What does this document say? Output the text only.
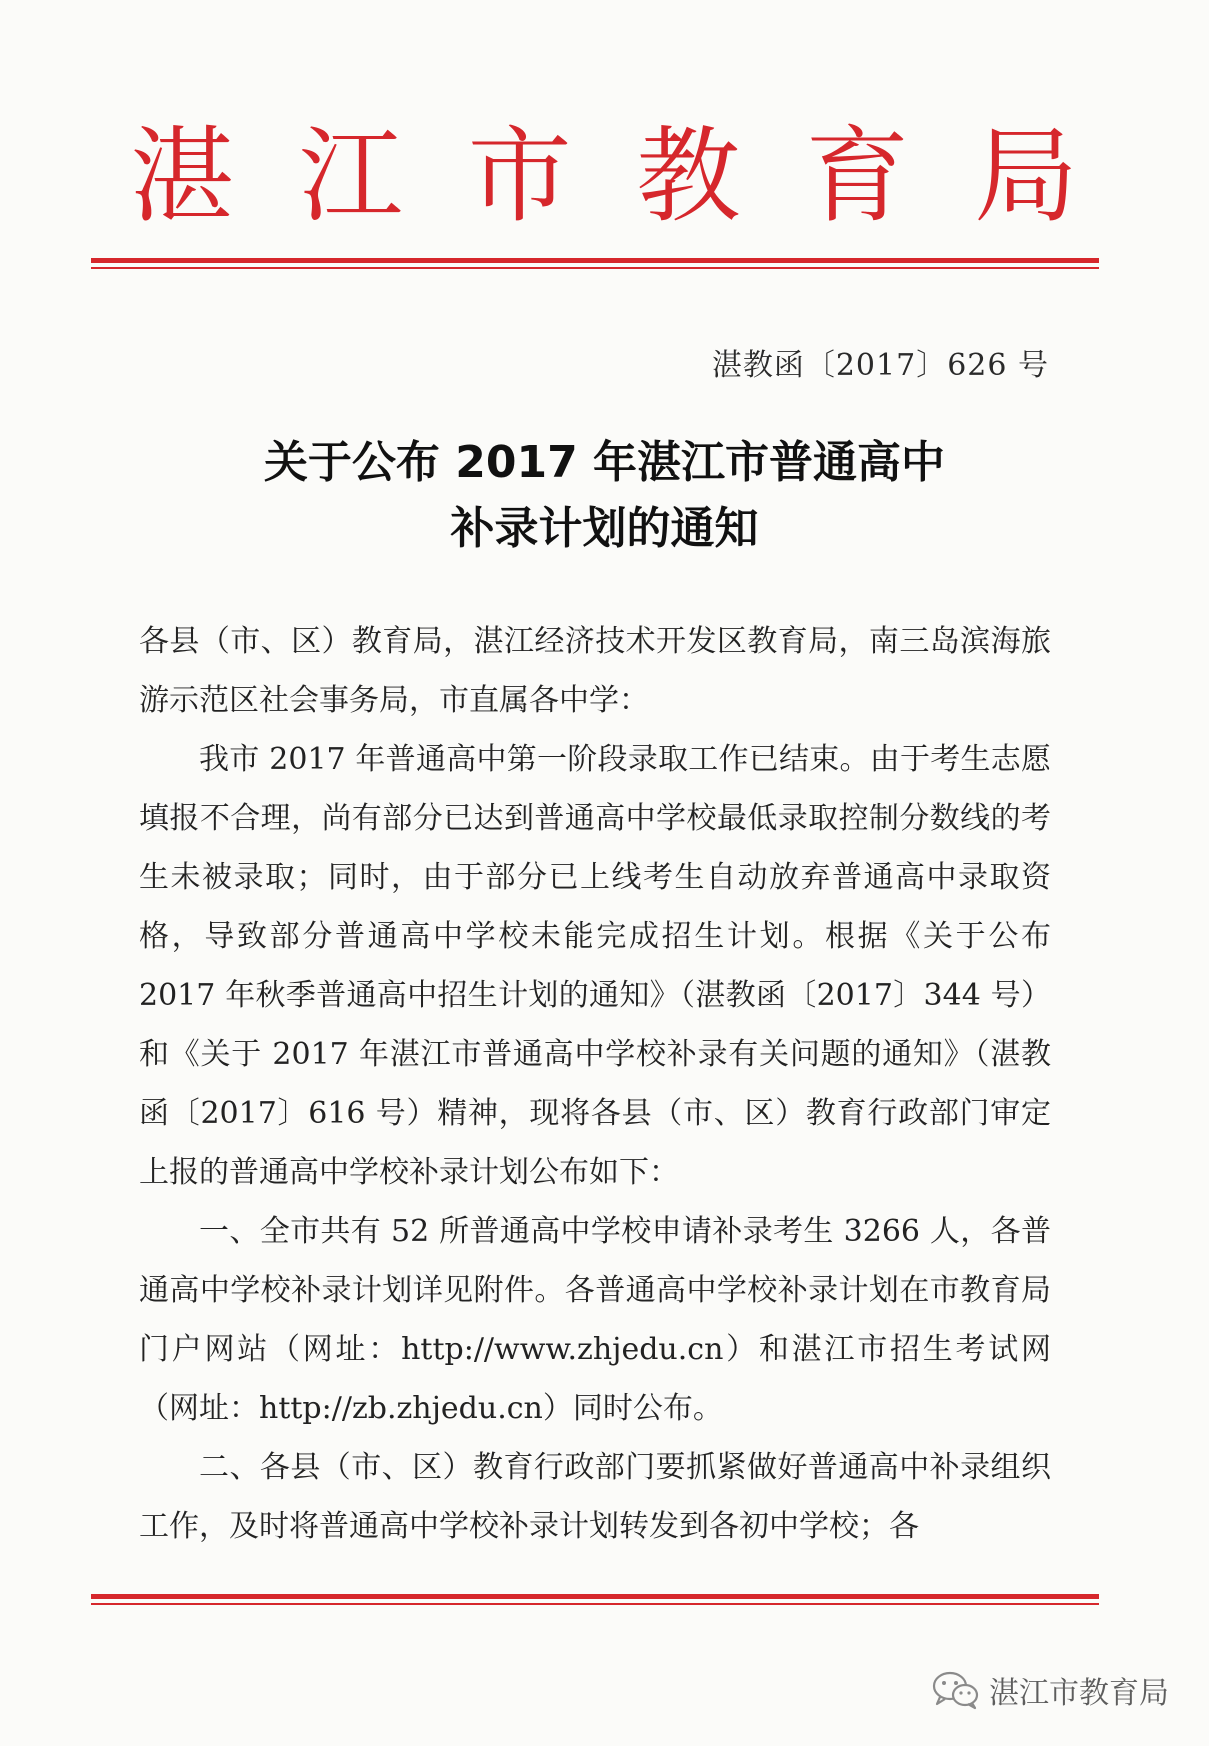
湛 江 市 教 育 局
湛教函〔2017〕626 号
关于公布 2017 年湛江市普通高中
补录计划的通知

各县（市、区）教育局，湛江经济技术开发区教育局，南三岛滨海旅游示范区社会事务局，市直属各中学：

我市 2017 年普通高中第一阶段录取工作已结束。由于考生志愿填报不合理，尚有部分已达到普通高中学校最低录取控制分数线的考生未被录取；同时，由于部分已上线考生自动放弃普通高中录取资格，导致部分普通高中学校未能完成招生计划。根据《关于公布 2017 年秋季普通高中招生计划的通知》（湛教函〔2017〕344 号）和《关于 2017 年湛江市普通高中学校补录有关问题的通知》（湛教函〔2017〕616 号）精神，现将各县（市、区）教育行政部门审定上报的普通高中学校补录计划公布如下：

一、全市共有 52 所普通高中学校申请补录考生 3266 人，各普通高中学校补录计划详见附件。各普通高中学校补录计划在市教育局门户网站（网址：http://www.zhjedu.cn）和湛江市招生考试网（网址：http://zb.zhjedu.cn）同时公布。

二、各县（市、区）教育行政部门要抓紧做好普通高中补录组织工作，及时将普通高中学校补录计划转发到各初中学校；各

湛江市教育局
